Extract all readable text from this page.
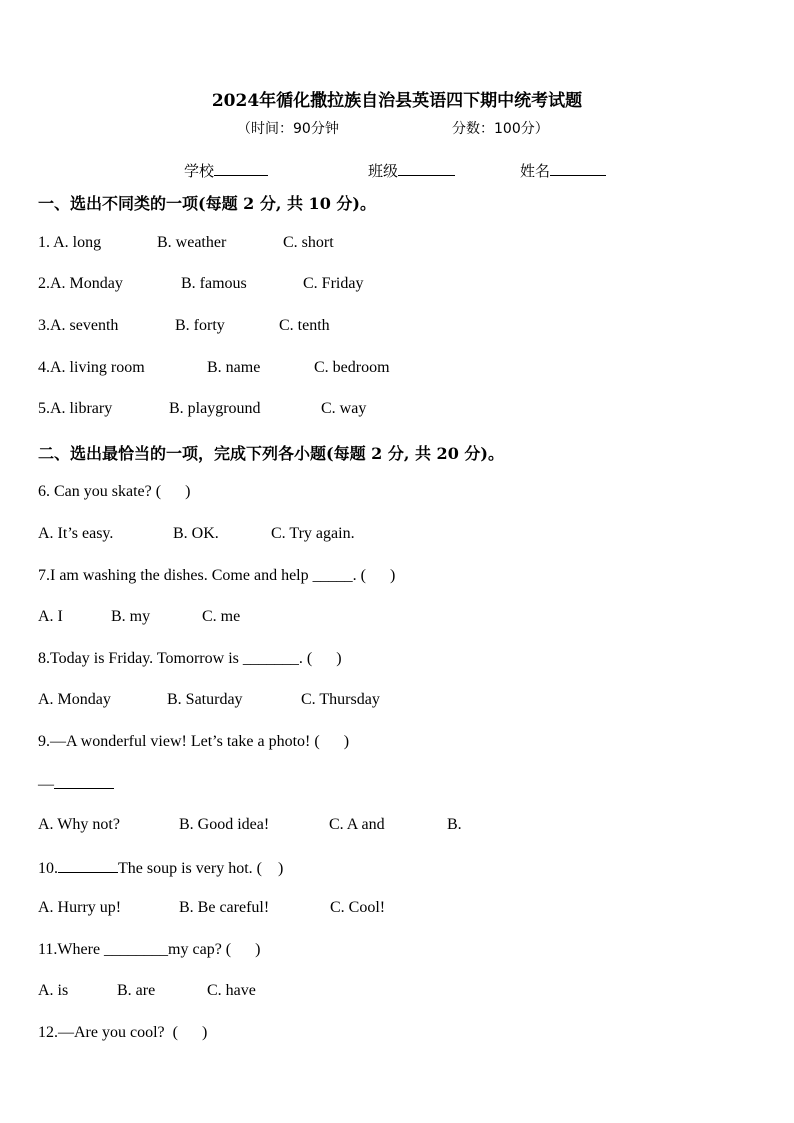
2024年循化撒拉族自治县英语四下期中统考试题
（时间：90分钟	分数：100分）
学校	班级	姓名
一、选出不同类的一项(每题 2 分, 共 10 分)。
1. A. long	B. weather	C. short
2.A. Monday	B. famous	C. Friday
3.A. seventh	B. forty	C. tenth
4.A. living room	B. name	C. bedroom
5.A. library	B. playground	C. way
二、选出最恰当的一项，完成下列各小题(每题 2 分, 共 20 分)。
6. Can you skate? (      )
A. It’s easy.	B. OK.	C. Try again.
7.I am washing the dishes. Come and help _____. (      )
A. I	B. my	C. me
8.Today is Friday. Tomorrow is _______. (      )
A. Monday	B. Saturday	C. Thursday
9.—A wonderful view! Let’s take a photo! (      )
—
A. Why not?	B. Good idea!	C. A and	B.
10.	The soup is very hot. (    )
A. Hurry up!	B. Be careful!	C. Cool!
11.Where ________my cap? (      )
A. is	B. are	C. have
12.—Are you cool?  (      )
